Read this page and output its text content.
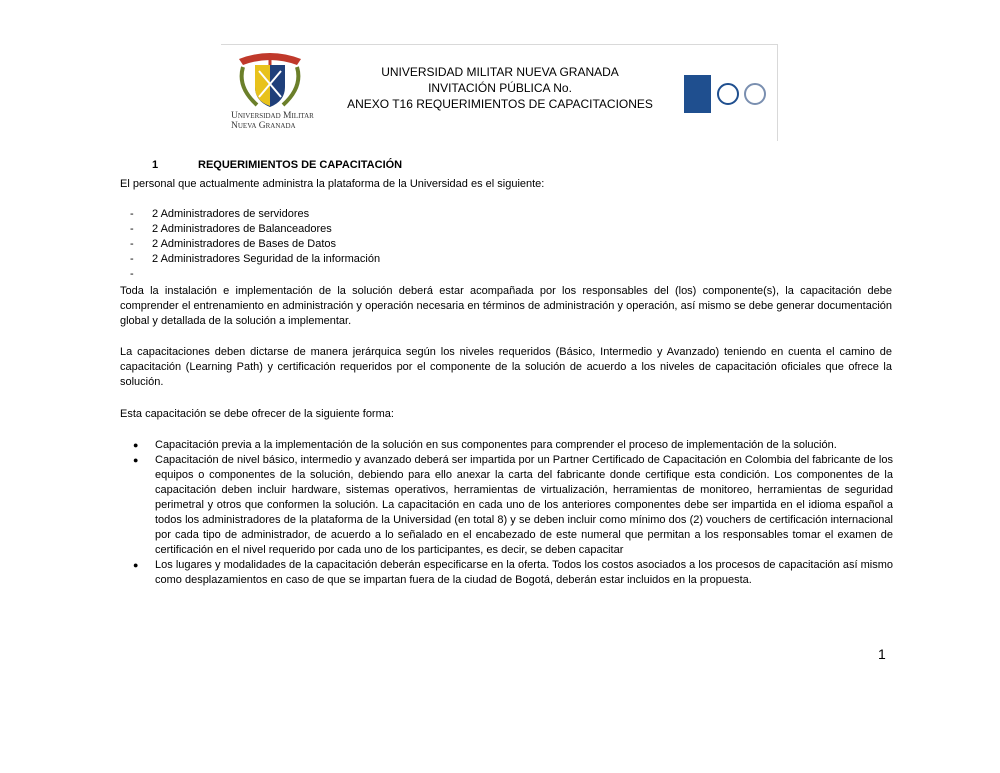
Universidad Militar
Nueva Granada
UNIVERSIDAD MILITAR NUEVA GRANADA
INVITACIÓN PÚBLICA No.
ANEXO T16 REQUERIMIENTOS DE CAPACITACIONES
1	REQUERIMIENTOS DE CAPACITACIÓN
El personal que actualmente administra la plataforma de la Universidad es el siguiente:
- 2 Administradores de servidores
- 2 Administradores de Balanceadores
- 2 Administradores de Bases de Datos
- 2 Administradores Seguridad de la información
-
Toda la instalación e implementación de la solución deberá estar acompañada por los responsables del (los) componente(s), la capacitación debe comprender el entrenamiento en administración y operación necesaria en términos de administración y operación, así mismo se debe generar documentación global y detallada de la solución a implementar.
La capacitaciones deben dictarse de manera jerárquica según los niveles requeridos (Básico, Intermedio y Avanzado) teniendo en cuenta el camino de capacitación (Learning Path) y certificación requeridos por el componente de la solución de acuerdo a los niveles de capacitación oficiales que ofrece la solución.
Esta capacitación se debe ofrecer de la siguiente forma:
● Capacitación previa a la implementación de la solución en sus componentes para comprender el proceso de implementación de la solución.
● Capacitación de nivel básico, intermedio y avanzado deberá ser impartida por un Partner Certificado de Capacitación en Colombia del fabricante de los equipos o componentes de la solución, debiendo para ello anexar la carta del fabricante donde certifique esta condición. Los componentes de la capacitación deben incluir hardware, sistemas operativos, herramientas de virtualización, herramientas de monitoreo, herramientas de seguridad perimetral y otros que conformen la solución. La capacitación en cada uno de los anteriores componentes debe ser impartida en el idioma español a todos los administradores de la plataforma de la Universidad (en total 8) y se deben incluir como mínimo dos (2) vouchers de certificación internacional por cada tipo de administrador, de acuerdo a lo señalado en el encabezado de este numeral que permitan a los responsables tomar el examen de certificación en el nivel requerido por cada uno de los participantes, es decir, se deben capacitar
● Los lugares y modalidades de la capacitación deberán especificarse en la oferta. Todos los costos asociados a los procesos de capacitación así mismo como desplazamientos en caso de que se impartan fuera de la ciudad de Bogotá, deberán estar incluidos en la propuesta.
1
